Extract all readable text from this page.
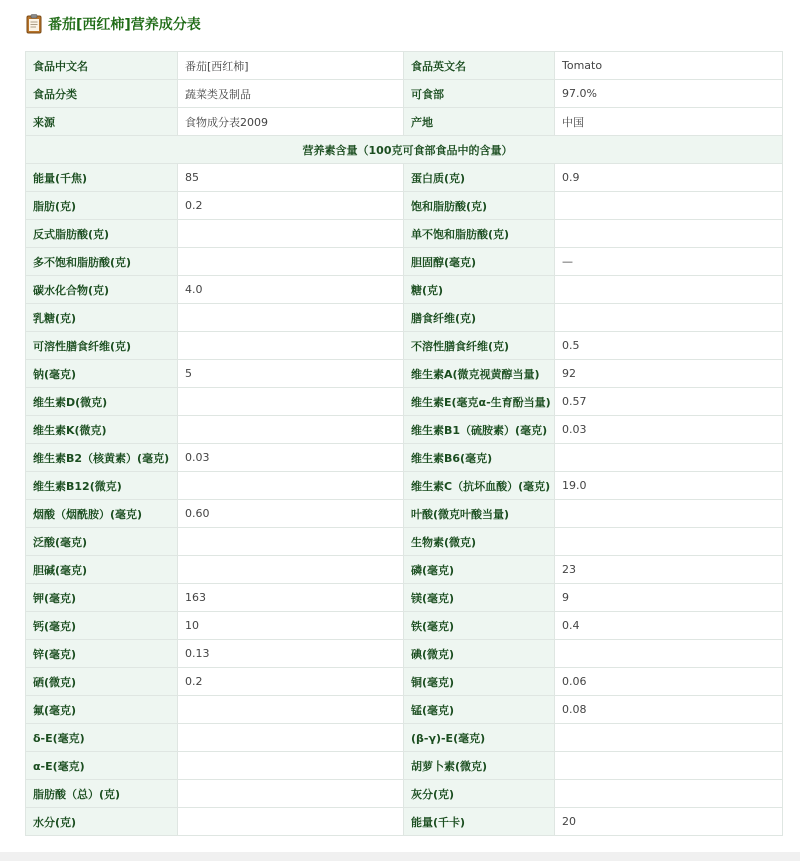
番茄[西红柿]营养成分表
食品中文名	番茄[西红柿]	食品英文名	Tomato
食品分类	蔬菜类及制品	可食部	97.0%
来源	食物成分表2009	产地	中国
营养素含量（100克可食部食品中的含量）			
能量(千焦)	85	蛋白质(克)	0.9
脂肪(克)	0.2	饱和脂肪酸(克)	
反式脂肪酸(克)		单不饱和脂肪酸(克)	
多不饱和脂肪酸(克)		胆固醇(毫克)	—
碳水化合物(克)	4.0	糖(克)	
乳糖(克)		膳食纤维(克)	
可溶性膳食纤维(克)		不溶性膳食纤维(克)	0.5
钠(毫克)	5	维生素A(微克视黄醇当量)	92
维生素D(微克)		维生素E(毫克α-生育酚当量)	0.57
维生素K(微克)		维生素B1（硫胺素）(毫克)	0.03
维生素B2（核黄素）(毫克)	0.03	维生素B6(毫克)	
维生素B12(微克)		维生素C（抗坏血酸）(毫克)	19.0
烟酸（烟酰胺）(毫克)	0.60	叶酸(微克叶酸当量)	
泛酸(毫克)		生物素(微克)	
胆碱(毫克)		磷(毫克)	23
钾(毫克)	163	镁(毫克)	9
钙(毫克)	10	铁(毫克)	0.4
锌(毫克)	0.13	碘(微克)	
硒(微克)	0.2	铜(毫克)	0.06
氟(毫克)		锰(毫克)	0.08
δ-E(毫克)		(β-γ)-E(毫克)	
α-E(毫克)		胡萝卜素(微克)	
脂肪酸（总）(克)		灰分(克)	
水分(克)		能量(千卡)	20
